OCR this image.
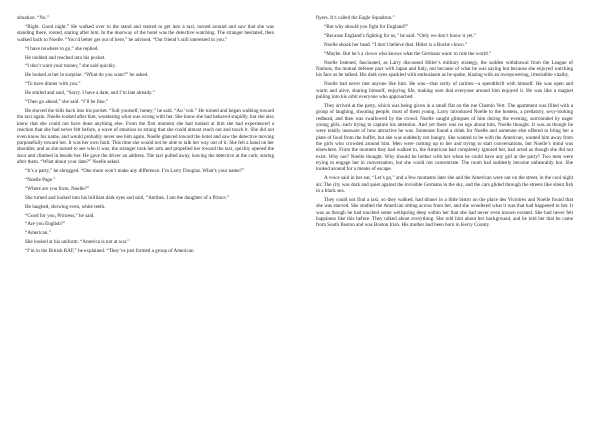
situation. “No.”

“Right. Good night.” He walked over to the stand and started to get into a taxi, turned around and saw that she was standing there, rooted, staring after him. In the doorway of the hotel was the detective watching. The stranger hesitated, then walked back to Noelle. “You’d better get out of here,” he advised. “Our friend’s still interested in you.”

“I have nowhere to go,” she replied.

He nodded and reached into his pocket.

“I don’t want your money,” she said quickly.

He looked at her in surprise. “What do you want?” he asked.

“To have dinner with you.”

He smiled and said, “Sorry. I have a date, and I’m late already.”

“Then go ahead,” she said. “I’ll be fine.”

He shoved the bills back into his pocket. “Suit yourself, honey,” he said. “Au ’voir.” He turned and began walking toward the taxi again. Noelle looked after him, wondering what was wrong with her. She knew she had behaved stupidly, but she also knew that she could not have done anything else. From the first moment she had looked at him she had experienced a reaction that she had never felt before, a wave of emotion so strong that she could almost reach out and touch it. She did not even know his name, and would probably never see him again. Noelle glanced toward the hotel and saw the detective moving purposefully toward her. It was her own fault. This time she would not be able to talk her way out of it. She felt a hand on her shoulder, and as she turned to see who it was, the stranger took her arm and propelled her toward the taxi, quickly opened the door and climbed in beside her. He gave the driver an address. The taxi pulled away, leaving the detective at the curb, staring after them. “What about your date?” Noelle asked.

“It’s a party,” he shrugged. “One more won’t make any difference. I’m Larry Douglas. What’s your name?”

“Noelle Page.”

“Where are you from, Noelle?”

She turned and looked into his brilliant dark eyes and said, “Antibes. I am the daughter of a Prince.”

He laughed, showing even, white teeth.

“Good for you, Princess,” he said.

“Are you English?”

“American.”

She looked at his uniform. “America is not at war.”

“I’m in the British RAF,” he explained. “They’ve just formed a group of American

flyers. It’s called the Eagle Squadron.”

“But why should you fight for England?”

“Because England’s fighting for us,” he said. “Only we don’t know it yet.”

Noelle shook her head. “I don’t believe that. Hitler is a Boche clown.”

“Maybe. But he’s a clown who knows what the Germans want: to rule the world.”

Noelle listened, fascinated, as Larry discussed Hitler’s military strategy, the sudden withdrawal from the League of Nations, the mutual defense pact with Japan and Italy, not because of what he was saying but because she enjoyed watching his face as he talked. His dark eyes sparkled with enthusiasm as he spoke, blazing with an overpowering, irresistible vitality.

Noelle had never met anyone like him. He was—that rarity of rarities—a spendthrift with himself. He was open and warm and alive, sharing himself, enjoying life, making sure that everyone around him enjoyed it. He was like a magnet pulling into his orbit everyone who approached.

They arrived at the party, which was being given in a small flat on the rue Chemin Vert. The apartment was filled with a group of laughing, shouting people, most of them young. Larry introduced Noelle to the hostess, a predatory, sexy-looking redhead, and then was swallowed by the crowd. Noelle caught glimpses of him during the evening, surrounded by eager young girls, each trying to capture his attention. And yet there was no ego about him, Noelle thought. It was as though he were totally unaware of how attractive he was. Someone found a drink for Noelle and someone else offered to bring her a plate of food from the buffet, but she was suddenly not hungry. She wanted to be with the American, wanted him away from the girls who crowded around him. Men were coming up to her and trying to start conversations, but Noelle’s mind was elsewhere. From the moment they had walked in, the American had completely ignored her, had acted as though she did not exist. Why not? Noelle thought. Why should he bother with her when he could have any girl at the party? Two men were trying to engage her in conversation, but she could not concentrate. The room had suddenly become unbearably hot. She looked around for a means of escape.

A voice said in her ear, “Let’s go,” and a few moments later she and the American were out on the street, in the cool night air. The city was dark and quiet against the invisible Germans in the sky, and the cars glided through the streets like silent fish in a black sea.

They could not find a taxi, so they walked, had dinner in a little bistro on the place des Victoires and Noelle found that she was starved. She studied the American sitting across from her, and she wondered what it was that had happened to her. It was as though he had touched some wellspring deep within her that she had never even known existed. She had never felt happiness like this before. They talked about everything. She told him about her background, and he told her that he came from South Boston and was Boston Irish. His mother had been born in Kerry County.
